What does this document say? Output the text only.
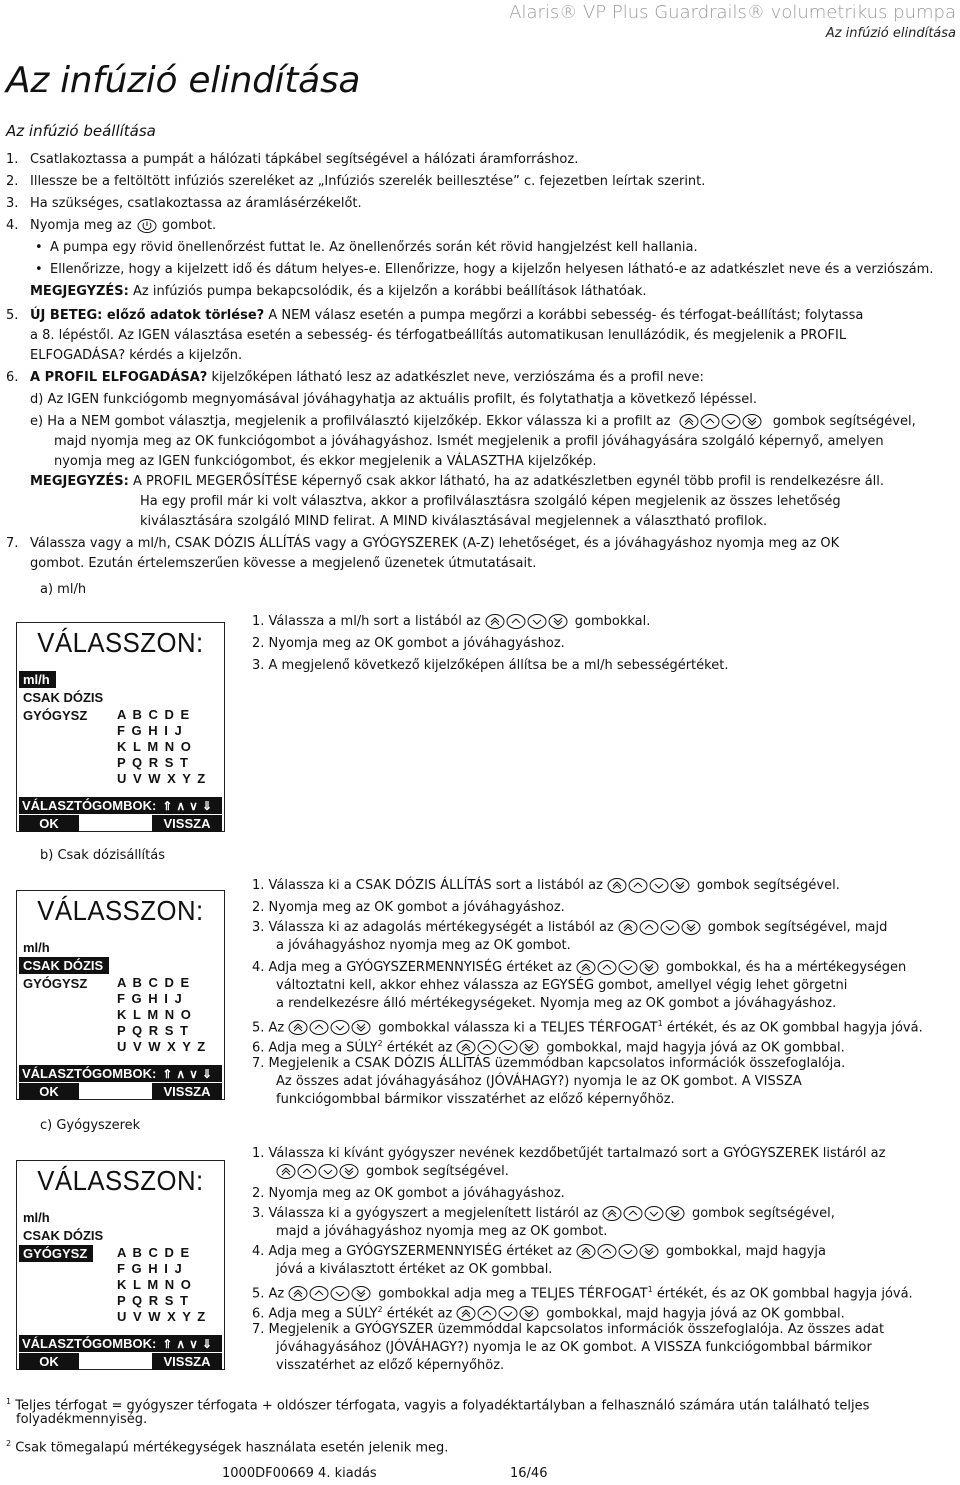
Alaris® VP Plus Guardrails® volumetrikus pumpa
Az infúzió elindítása
Az infúzió elindítása
Az infúzió beállítása
1. Csatlakoztassa a pumpát a hálózati tápkábel segítségével a hálózati áramforráshoz.
2. Illessze be a feltöltött infúziós szereléket az „Infúziós szerelék beillesztése” c. fejezetben leírtak szerint.
3. Ha szükséges, csatlakoztassa az áramlásérzékelőt.
4. Nyomja meg az gombot.
• A pumpa egy rövid önellenőrzést futtat le. Az önellenőrzés során két rövid hangjelzést kell hallania.
• Ellenőrizze, hogy a kijelzett idő és dátum helyes-e. Ellenőrizze, hogy a kijelzőn helyesen látható-e az adatkészlet neve és a verziószám.
MEGJEGYZÉS: Az infúziós pumpa bekapcsolódik, és a kijelzőn a korábbi beállítások láthatóak.
5. ÚJ BETEG: előző adatok törlése? A NEM válasz esetén a pumpa megőrzi a korábbi sebesség- és térfogat-beállítást; folytassa
a 8. lépéstől. Az IGEN választása esetén a sebesség- és térfogatbeállítás automatikusan lenullázódik, és megjelenik a PROFIL
ELFOGADÁSA? kérdés a kijelzőn.
6. A PROFIL ELFOGADÁSA? kijelzőképen látható lesz az adatkészlet neve, verziószáma és a profil neve:
d) Az IGEN funkciógomb megnyomásával jóváhagyhatja az aktuális profilt, és folytathatja a következő lépéssel.
e) Ha a NEM gombot választja, megjelenik a profilválasztó kijelzőkép. Ekkor válassza ki a profilt az	gombok segítségével,
majd nyomja meg az OK funkciógombot a jóváhagyáshoz. Ismét megjelenik a profil jóváhagyására szolgáló képernyő, amelyen
nyomja meg az IGEN funkciógombot, és ekkor megjelenik a VÁLASZTHA kijelzőkép.
MEGJEGYZÉS: A PROFIL MEGERŐSÍTÉSE képernyő csak akkor látható, ha az adatkészletben egynél több profil is rendelkezésre áll.
Ha egy profil már ki volt választva, akkor a profilválasztásra szolgáló képen megjelenik az összes lehetőség
kiválasztására szolgáló MIND felirat. A MIND kiválasztásával megjelennek a választható profilok.
7. Válassza vagy a ml/h, CSAK DÓZIS ÁLLÍTÁS vagy a GYÓGYSZEREK (A-Z) lehetőséget, és a jóváhagyáshoz nyomja meg az OK
gombot. Ezután értelemszerűen kövesse a megjelenő üzenetek útmutatásait.
a) ml/h
b) Csak dózisállítás
c) Gyógyszerek
VÁLASSZON:
ml/h
CSAK DÓZIS
GYÓGYSZ	A B C D E
F G H I J
K L M N O
P Q R S T
U V W X Y Z
VÁLASZTÓGOMBOK: ⇑∧∨⇓
OK	VISSZA
VÁLASSZON:
ml/h
CSAK DÓZIS
GYÓGYSZ	A B C D E
F G H I J
K L M N O
P Q R S T
U V W X Y Z
VÁLASZTÓGOMBOK: ⇑∧∨⇓
OK	VISSZA
VÁLASSZON:
ml/h
CSAK DÓZIS
GYÓGYSZ	A B C D E
F G H I J
K L M N O
P Q R S T
U V W X Y Z
VÁLASZTÓGOMBOK: ⇑∧∨⇓
OK	VISSZA
1. Válassza a ml/h sort a listából az	gombokkal.
2. Nyomja meg az OK gombot a jóváhagyáshoz.
3. A megjelenő következő kijelzőképen állítsa be a ml/h sebességértéket.
1. Válassza ki a CSAK DÓZIS ÁLLÍTÁS sort a listából az	gombok segítségével.
2. Nyomja meg az OK gombot a jóváhagyáshoz.
3. Válassza ki az adagolás mértékegységét a listából az	gombok segítségével, majd
a jóváhagyáshoz nyomja meg az OK gombot.
4. Adja meg a GYÓGYSZERMENNYISÉG értéket az	gombokkal, és ha a mértékegységen
változtatni kell, akkor ehhez válassza az EGYSÉG gombot, amellyel végig lehet görgetni
a rendelkezésre álló mértékegységeket. Nyomja meg az OK gombot a jóváhagyáshoz.
5. Az	gombokkal válassza ki a TELJES TÉRFOGAT$^1$ értékét, és az OK gombbal hagyja jóvá.
6. Adja meg a SÚLY$^2$ értékét az	gombokkal, majd hagyja jóvá az OK gombbal.
7. Megjelenik a CSAK DÓZIS ÁLLÍTÁS üzemmódban kapcsolatos információk összefoglalója.
Az összes adat jóváhagyásához (JÓVÁHAGY?) nyomja le az OK gombot. A VISSZA
funkciógombbal bármikor visszatérhet az előző képernyőhöz.
1. Válassza ki kívánt gyógyszer nevének kezdőbetűjét tartalmazó sort a GYÓGYSZEREK listáról az
gombok segítségével.
2. Nyomja meg az OK gombot a jóváhagyáshoz.
3. Válassza ki a gyógyszert a megjelenített listáról az	gombok segítségével,
majd a jóváhagyáshoz nyomja meg az OK gombot.
4. Adja meg a GYÓGYSZERMENNYISÉG értéket az	gombokkal, majd hagyja
jóvá a kiválasztott értéket az OK gombbal.
5. Az	gombokkal adja meg a TELJES TÉRFOGAT$^1$ értékét, és az OK gombbal hagyja jóvá.
6. Adja meg a SÚLY$^2$ értékét az	gombokkal, majd hagyja jóvá az OK gombbal.
7. Megjelenik a GYÓGYSZER üzemmóddal kapcsolatos információk összefoglalója. Az összes adat
jóváhagyásához (JÓVÁHAGY?) nyomja le az OK gombot. A VISSZA funkciógombbal bármikor
visszatérhet az előző képernyőhöz.
$^1$ Teljes térfogat = gyógyszer térfogata + oldószer térfogata, vagyis a folyadéktartályban a felhasználó számára után található teljes
folyadékmennyiség.
$^2$ Csak tömegalapú mértékegységek használata esetén jelenik meg.
1000DF00669 4. kiadás	16/46
